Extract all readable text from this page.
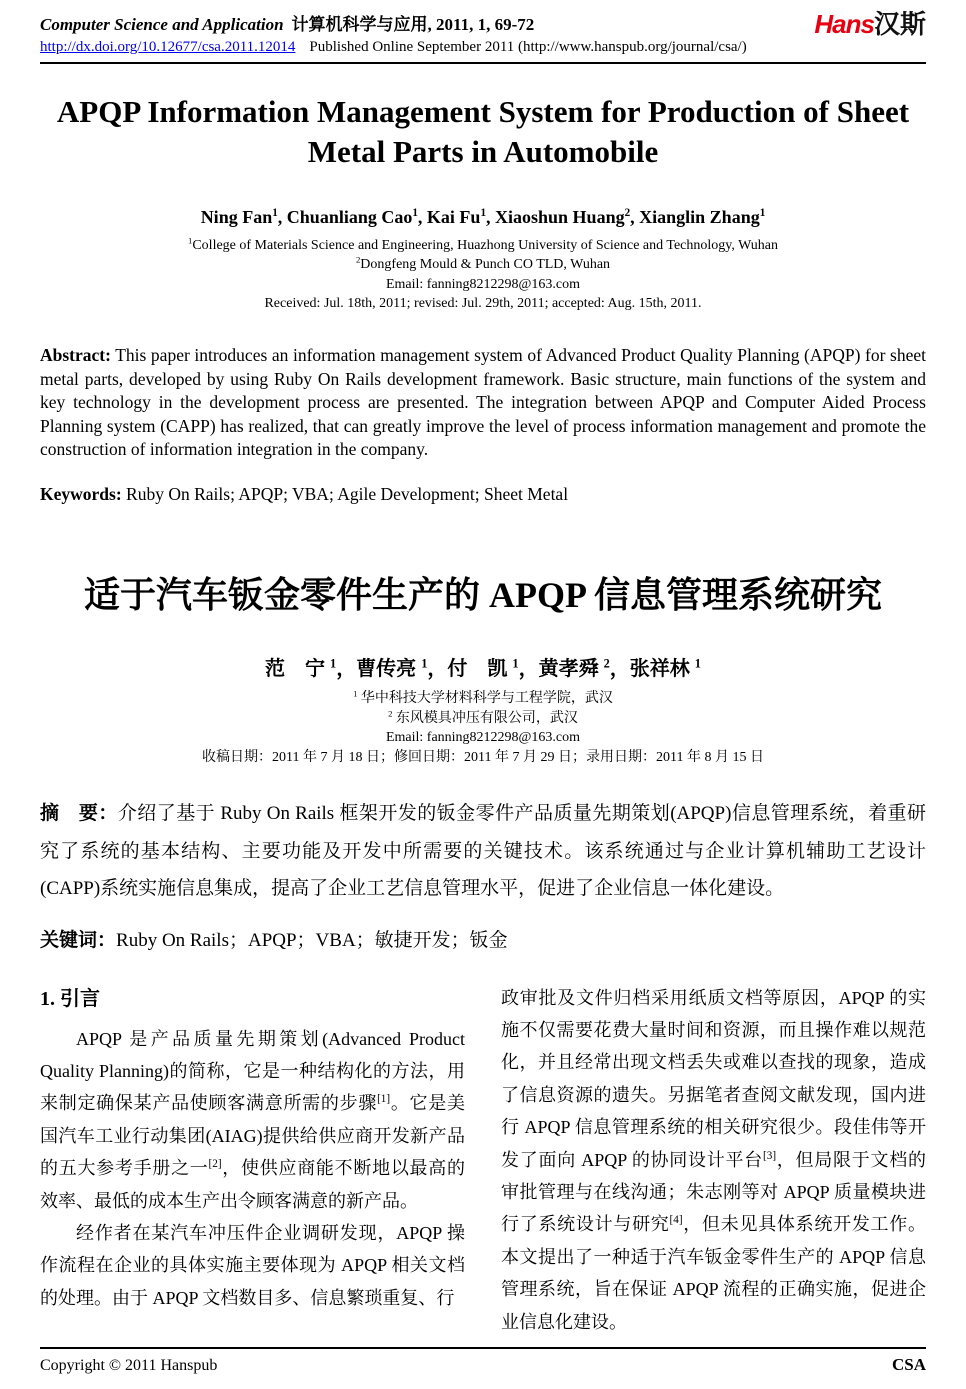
Computer Science and Application 计算机科学与应用, 2011, 1, 69-72
http://dx.doi.org/10.12677/csa.2011.12014 Published Online September 2011 (http://www.hanspub.org/journal/csa/)
Hans汉斯
APQP Information Management System for Production of Sheet Metal Parts in Automobile

Ning Fan$^1$, Chuanliang Cao$^1$, Kai Fu$^1$, Xiaoshun Huang$^2$, Xianglin Zhang$^1$

$^1$College of Materials Science and Engineering, Huazhong University of Science and Technology, Wuhan

$^2$Dongfeng Mould & Punch CO TLD, Wuhan

Email: fanning8212298@163.com

Received: Jul. 18th, 2011; revised: Jul. 29th, 2011; accepted: Aug. 15th, 2011.

Abstract: This paper introduces an information management system of Advanced Product Quality Planning (APQP) for sheet metal parts, developed by using Ruby On Rails development framework. Basic structure, main functions of the system and key technology in the development process are presented. The integration between APQP and Computer Aided Process Planning system (CAPP) has realized, that can greatly improve the level of process information management and promote the construction of information integration in the company.

Keywords: Ruby On Rails; APQP; VBA; Agile Development; Sheet Metal

适于汽车钣金零件生产的 APQP 信息管理系统研究

范　宁 $^1$，曹传亮 $^1$，付　凯 $^1$，黄孝舜 $^2$，张祥林 $^1$

$^1$ 华中科技大学材料科学与工程学院，武汉

$^2$ 东风模具冲压有限公司，武汉

Email: fanning8212298@163.com

收稿日期：2011 年 7 月 18 日；修回日期：2011 年 7 月 29 日；录用日期：2011 年 8 月 15 日

摘　要：介绍了基于 Ruby On Rails 框架开发的钣金零件产品质量先期策划(APQP)信息管理系统，着重研究了系统的基本结构、主要功能及开发中所需要的关键技术。该系统通过与企业计算机辅助工艺设计(CAPP)系统实施信息集成，提高了企业工艺信息管理水平，促进了企业信息一体化建设。

关键词：Ruby On Rails；APQP；VBA；敏捷开发；钣金

1. 引言

APQP 是产品质量先期策划(Advanced Product Quality Planning)的简称，它是一种结构化的方法，用来制定确保某产品使顾客满意所需的步骤[1]。它是美国汽车工业行动集团(AIAG)提供给供应商开发新产品的五大参考手册之一[2]，使供应商能不断地以最高的效率、最低的成本生产出令顾客满意的新产品。

经作者在某汽车冲压件企业调研发现，APQP 操作流程在企业的具体实施主要体现为 APQP 相关文档的处理。由于 APQP 文档数目多、信息繁琐重复、行

政审批及文件归档采用纸质文档等原因，APQP 的实施不仅需要花费大量时间和资源，而且操作难以规范化，并且经常出现文档丢失或难以查找的现象，造成了信息资源的遗失。另据笔者查阅文献发现，国内进行 APQP 信息管理系统的相关研究很少。段佳伟等开发了面向 APQP 的协同设计平台[3]，但局限于文档的审批管理与在线沟通；朱志刚等对 APQP 质量模块进行了系统设计与研究[4]，但未见具体系统开发工作。本文提出了一种适于汽车钣金零件生产的 APQP 信息管理系统，旨在保证 APQP 流程的正确实施，促进企业信息化建设。

Copyright © 2011 Hanspub	CSA
